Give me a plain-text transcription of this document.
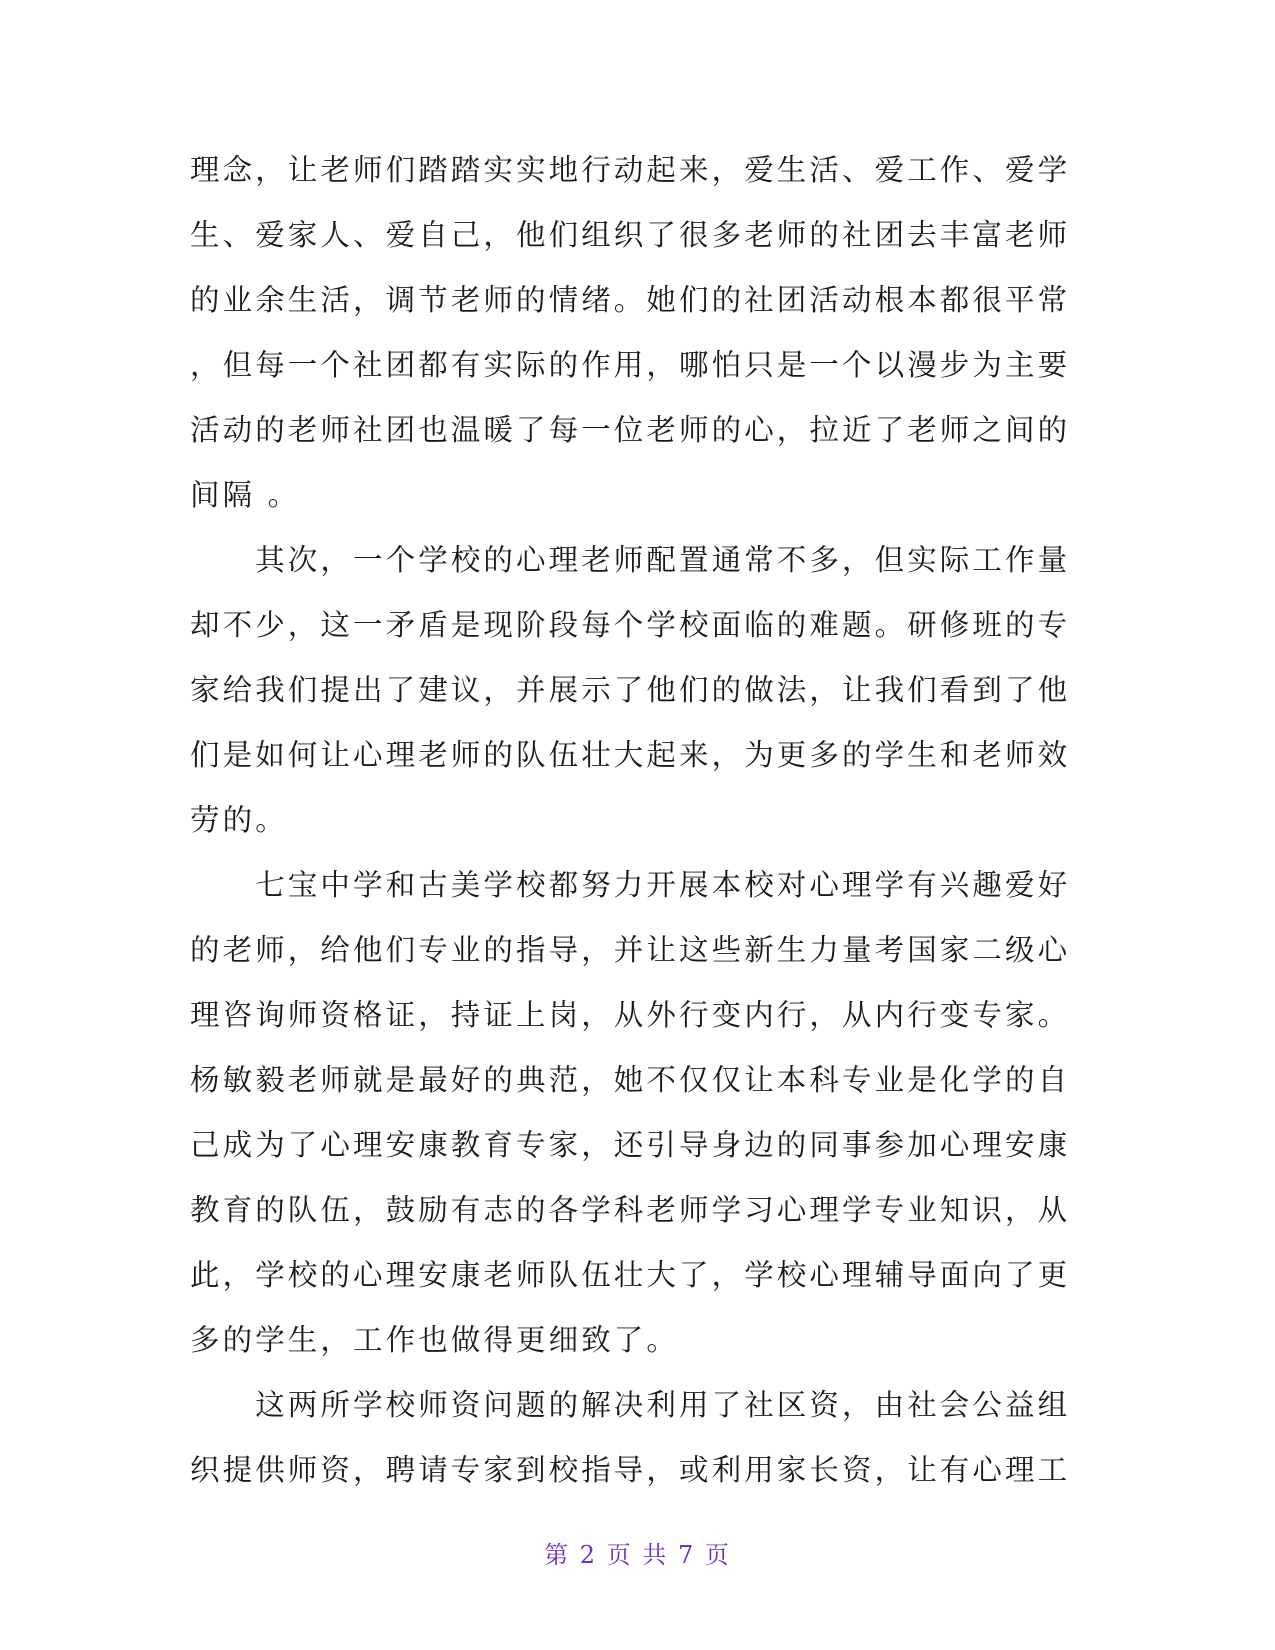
理念，让老师们踏踏实实地行动起来，爱生活、爱工作、爱学
生、爱家人、爱自己，他们组织了很多老师的社团去丰富老师
的业余生活，调节老师的情绪。她们的社团活动根本都很平常
，但每一个社团都有实际的作用，哪怕只是一个以漫步为主要
活动的老师社团也温暖了每一位老师的心，拉近了老师之间的
间隔 。
　　其次，一个学校的心理老师配置通常不多，但实际工作量
却不少，这一矛盾是现阶段每个学校面临的难题。研修班的专
家给我们提出了建议，并展示了他们的做法，让我们看到了他
们是如何让心理老师的队伍壮大起来，为更多的学生和老师效
劳的。
　　七宝中学和古美学校都努力开展本校对心理学有兴趣爱好
的老师，给他们专业的指导，并让这些新生力量考国家二级心
理咨询师资格证，持证上岗，从外行变内行，从内行变专家。
杨敏毅老师就是最好的典范，她不仅仅让本科专业是化学的自
己成为了心理安康教育专家，还引导身边的同事参加心理安康
教育的队伍，鼓励有志的各学科老师学习心理学专业知识，从
此，学校的心理安康老师队伍壮大了，学校心理辅导面向了更
多的学生，工作也做得更细致了。
　　这两所学校师资问题的解决利用了社区资，由社会公益组
织提供师资，聘请专家到校指导，或利用家长资，让有心理工
第 2 页 共 7 页
